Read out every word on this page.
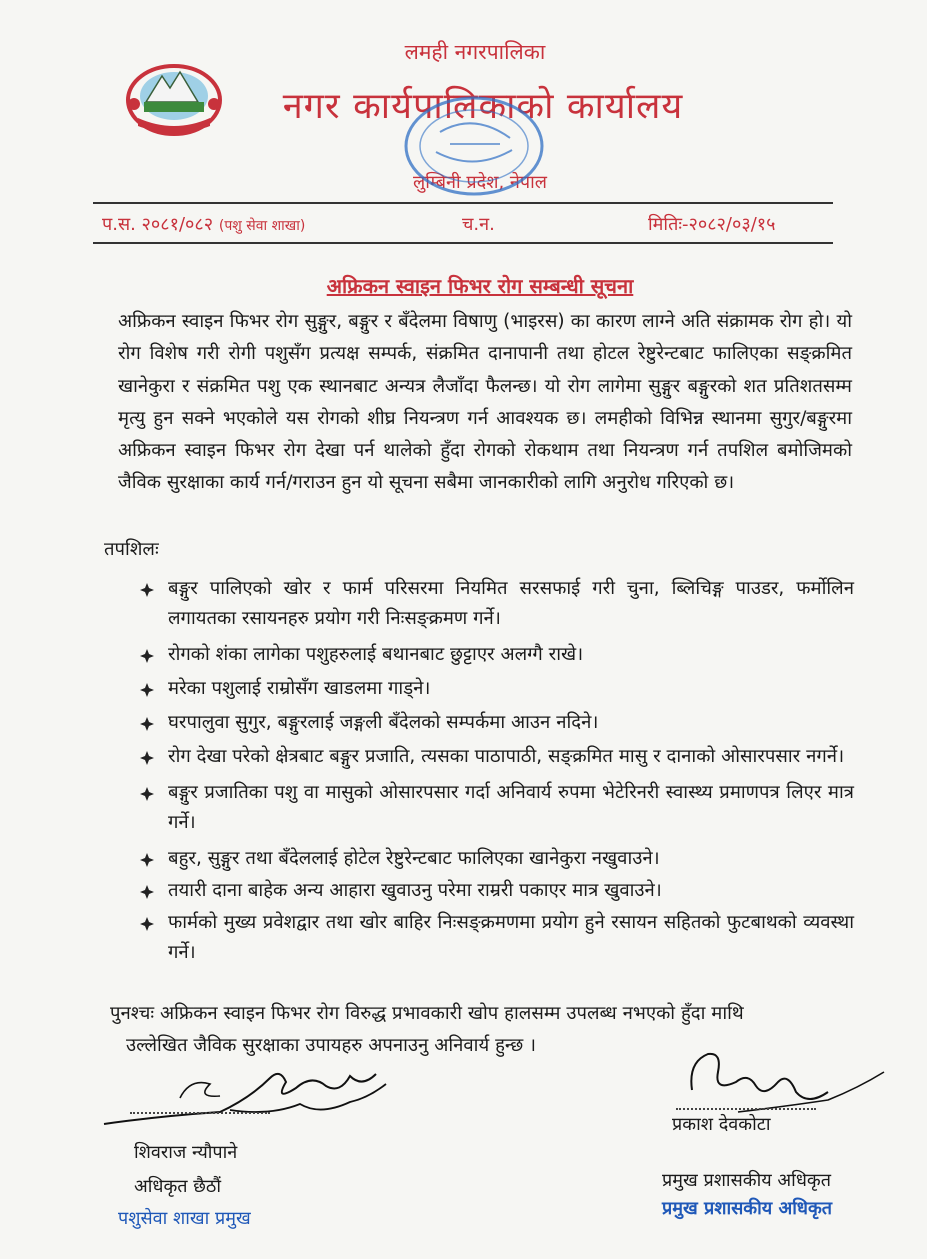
लमही नगरपालिका
नगर कार्यपालिकाको कार्यालय
लुम्बिनी प्रदेश, नेपाल
प.स. २०८१/०८२ (पशु सेवा शाखा)	च.न.	मितिः-२०८२/०३/१५
अफ्रिकन स्वाइन फिभर रोग सम्बन्धी सूचना
अफ्रिकन स्वाइन फिभर रोग सुङ्गुर, बङ्गुर र बँदेलमा विषाणु (भाइरस) का कारण लाग्ने अति संक्रामक रोग हो। यो रोग विशेष गरी रोगी पशुसँग प्रत्यक्ष सम्पर्क, संक्रमित दानापानी तथा होटल रेष्टुरेन्टबाट फालिएका सङ्क्रमित खानेकुरा र संक्रमित पशु एक स्थानबाट अन्यत्र लैजाँदा फैलन्छ। यो रोग लागेमा सुङ्गुर बङ्गुरको शत प्रतिशतसम्म मृत्यु हुन सक्ने भएकोले यस रोगको शीघ्र नियन्त्रण गर्न आवश्यक छ। लमहीको विभिन्न स्थानमा सुगुर/बङ्गुरमा अफ्रिकन स्वाइन फिभर रोग देखा पर्न थालेको हुँदा रोगको रोकथाम तथा नियन्त्रण गर्न तपशिल बमोजिमको जैविक सुरक्षाका कार्य गर्न/गराउन हुन यो सूचना सबैमा जानकारीको लागि अनुरोध गरिएको छ।
तपशिलः
बङ्गुर पालिएको खोर र फार्म परिसरमा नियमित सरसफाई गरी चुना, ब्लिचिङ्ग पाउडर, फर्मोलिन लगायतका रसायनहरु प्रयोग गरी निःसङ्क्रमण गर्ने।
रोगको शंका लागेका पशुहरुलाई बथानबाट छुट्टाएर अलग्गै राखे।
मरेका पशुलाई राम्रोसँग खाडलमा गाड्ने।
घरपालुवा सुगुर, बङ्गुरलाई जङ्गली बँदेलको सम्पर्कमा आउन नदिने।
रोग देखा परेको क्षेत्रबाट बङ्गुर प्रजाति, त्यसका पाठापाठी, सङ्क्रमित मासु र दानाको ओसारपसार नगर्ने।
बङ्गुर प्रजातिका पशु वा मासुको ओसारपसार गर्दा अनिवार्य रुपमा भेटेरिनरी स्वास्थ्य प्रमाणपत्र लिएर मात्र गर्ने।
बहुर, सुङ्गुर तथा बँदेललाई होटेल रेष्टुरेन्टबाट फालिएका खानेकुरा नखुवाउने।
तयारी दाना बाहेक अन्य आहारा खुवाउनु परेमा राम्ररी पकाएर मात्र खुवाउने।
फार्मको मुख्य प्रवेशद्वार तथा खोर बाहिर निःसङ्क्रमणमा प्रयोग हुने रसायन सहितको फुटबाथको व्यवस्था गर्ने।
पुनश्चः अफ्रिकन स्वाइन फिभर रोग विरुद्ध प्रभावकारी खोप हालसम्म उपलब्ध नभएको हुँदा माथि
उल्लेखित जैविक सुरक्षाका उपायहरु अपनाउनु अनिवार्य हुन्छ ।
शिवराज न्यौपाने
अधिकृत छैठौं
पशुसेवा शाखा प्रमुख
प्रकाश देवकोटा
प्रमुख प्रशासकीय अधिकृत
प्रमुख प्रशासकीय अधिकृत
